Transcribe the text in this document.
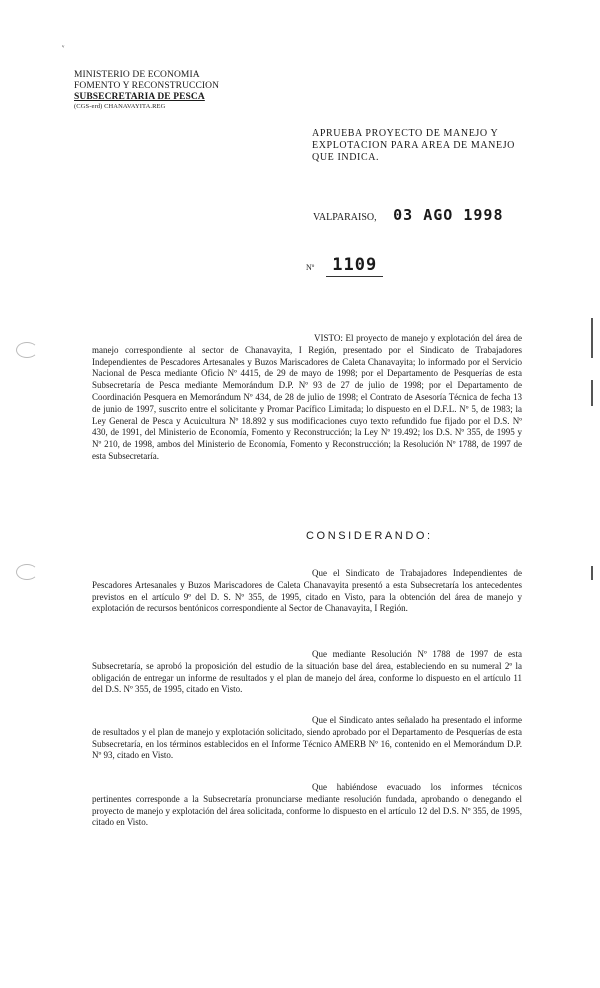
ᵥ
MINISTERIO DE ECONOMIA
FOMENTO Y RECONSTRUCCION
SUBSECRETARIA DE PESCA
(CGS-erd) CHANAVAYITA.REG
APRUEBA PROYECTO DE MANEJO Y EXPLOTACION PARA AREA DE MANEJO QUE INDICA.
VALPARAISO, 03 AGO 1998
Nº 1109
VISTO: El proyecto de manejo y explotación del área de manejo correspondiente al sector de Chanavayita, I Región, presentado por el Sindicato de Trabajadores Independientes de Pescadores Artesanales y Buzos Mariscadores de Caleta Chanavayita; lo informado por el Servicio Nacional de Pesca mediante Oficio Nº 4415, de 29 de mayo de 1998; por el Departamento de Pesquerías de esta Subsecretaría de Pesca mediante Memorándum D.P. Nº 93 de 27 de julio de 1998; por el Departamento de Coordinación Pesquera en Memorándum Nº 434, de 28 de julio de 1998; el Contrato de Asesoría Técnica de fecha 13 de junio de 1997, suscrito entre el solicitante y Promar Pacífico Limitada; lo dispuesto en el D.F.L. Nº 5, de 1983; la Ley General de Pesca y Acuicultura Nº 18.892 y sus modificaciones cuyo texto refundido fue fijado por el D.S. Nº 430, de 1991, del Ministerio de Economía, Fomento y Reconstrucción; la Ley Nº 19.492; los D.S. Nº 355, de 1995 y Nº 210, de 1998, ambos del Ministerio de Economía, Fomento y Reconstrucción; la Resolución Nº 1788, de 1997 de esta Subsecretaría.
CONSIDERANDO:
Que el Sindicato de Trabajadores Independientes de Pescadores Artesanales y Buzos Mariscadores de Caleta Chanavayita presentó a esta Subsecretaría los antecedentes previstos en el artículo 9º del D. S. Nº 355, de 1995, citado en Visto, para la obtención del área de manejo y explotación de recursos bentónicos correspondiente al Sector de Chanavayita, I Región.
Que mediante Resolución Nº 1788 de 1997 de esta Subsecretaría, se aprobó la proposición del estudio de la situación base del área, estableciendo en su numeral 2º la obligación de entregar un informe de resultados y el plan de manejo del área, conforme lo dispuesto en el artículo 11 del D.S. Nº 355, de 1995, citado en Visto.
Que el Sindicato antes señalado ha presentado el informe de resultados y el plan de manejo y explotación solicitado, siendo aprobado por el Departamento de Pesquerías de esta Subsecretaría, en los términos establecidos en el Informe Técnico AMERB Nº 16, contenido en el Memorándum D.P. Nº 93, citado en Visto.
Que habiéndose evacuado los informes técnicos pertinentes corresponde a la Subsecretaría pronunciarse mediante resolución fundada, aprobando o denegando el proyecto de manejo y explotación del área solicitada, conforme lo dispuesto en el artículo 12 del D.S. Nº 355, de 1995, citado en Visto.
